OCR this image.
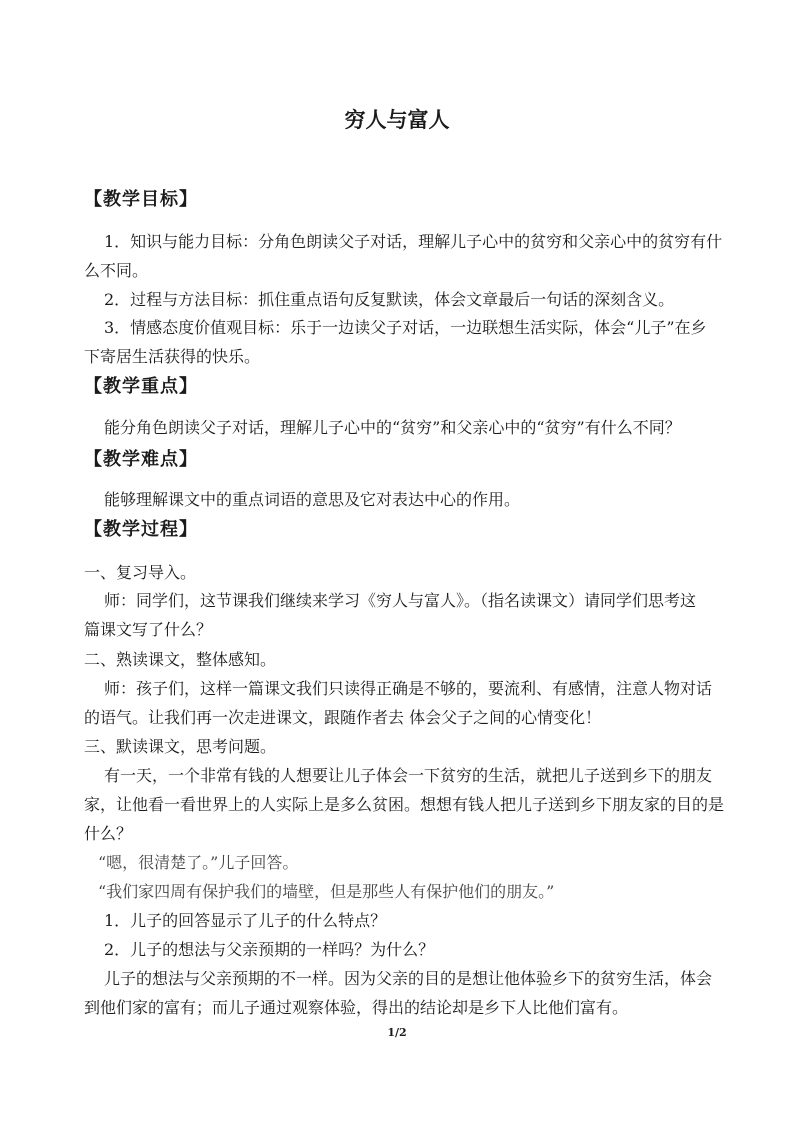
穷人与富人
【教学目标】
1．知识与能力目标：分角色朗读父子对话，理解儿子心中的贫穷和父亲心中的贫穷有什
么不同。
2．过程与方法目标：抓住重点语句反复默读，体会文章最后一句话的深刻含义。
3．情感态度价值观目标：乐于一边读父子对话，一边联想生活实际，体会“儿子”在乡
下寄居生活获得的快乐。
【教学重点】
能分角色朗读父子对话，理解儿子心中的“贫穷”和父亲心中的“贫穷”有什么不同？
【教学难点】
能够理解课文中的重点词语的意思及它对表达中心的作用。
【教学过程】
一、复习导入。
师：同学们，这节课我们继续来学习《穷人与富人》。（指名读课文）请同学们思考这
篇课文写了什么？
二、熟读课文，整体感知。
师：孩子们，这样一篇课文我们只读得正确是不够的，要流利、有感情，注意人物对话
的语气。让我们再一次走进课文，跟随作者去 体会父子之间的心情变化！
三、默读课文，思考问题。
有一天，一个非常有钱的人想要让儿子体会一下贫穷的生活，就把儿子送到乡下的朋友
家，让他看一看世界上的人实际上是多么贫困。想想有钱人把儿子送到乡下朋友家的目的是
什么？
“嗯，很清楚了。”儿子回答。
“我们家四周有保护我们的墙壁，但是那些人有保护他们的朋友。”
1．儿子的回答显示了儿子的什么特点？
2．儿子的想法与父亲预期的一样吗？为什么？
儿子的想法与父亲预期的不一样。因为父亲的目的是想让他体验乡下的贫穷生活，体会
到他们家的富有；而儿子通过观察体验，得出的结论却是乡下人比他们富有。
1/2
